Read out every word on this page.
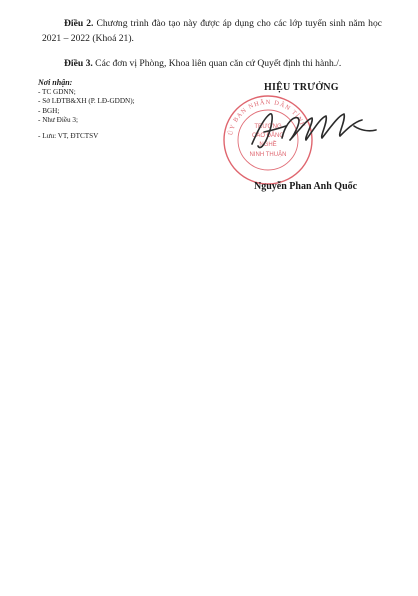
Điều 2. Chương trình đào tạo này được áp dụng cho các lớp tuyển sinh năm học 2021 – 2022 (Khoá 21).
Điều 3. Các đơn vị Phòng, Khoa liên quan căn cứ Quyết định thi hành./.
Nơi nhận:
- TC GDNN;
- Sở LĐTB&XH (P. LĐ-GDDN);
- BGH;
- Như Điều 3;
- Lưu: VT, ĐTCTSV	ỦY BAN NHÂN DÂN TỈNH
TRƯỜNG
CAO ĐẲNG
NGHỀ
NINH THUẬN
HIỆU TRƯỞNG
Nguyễn Phan Anh Quốc
